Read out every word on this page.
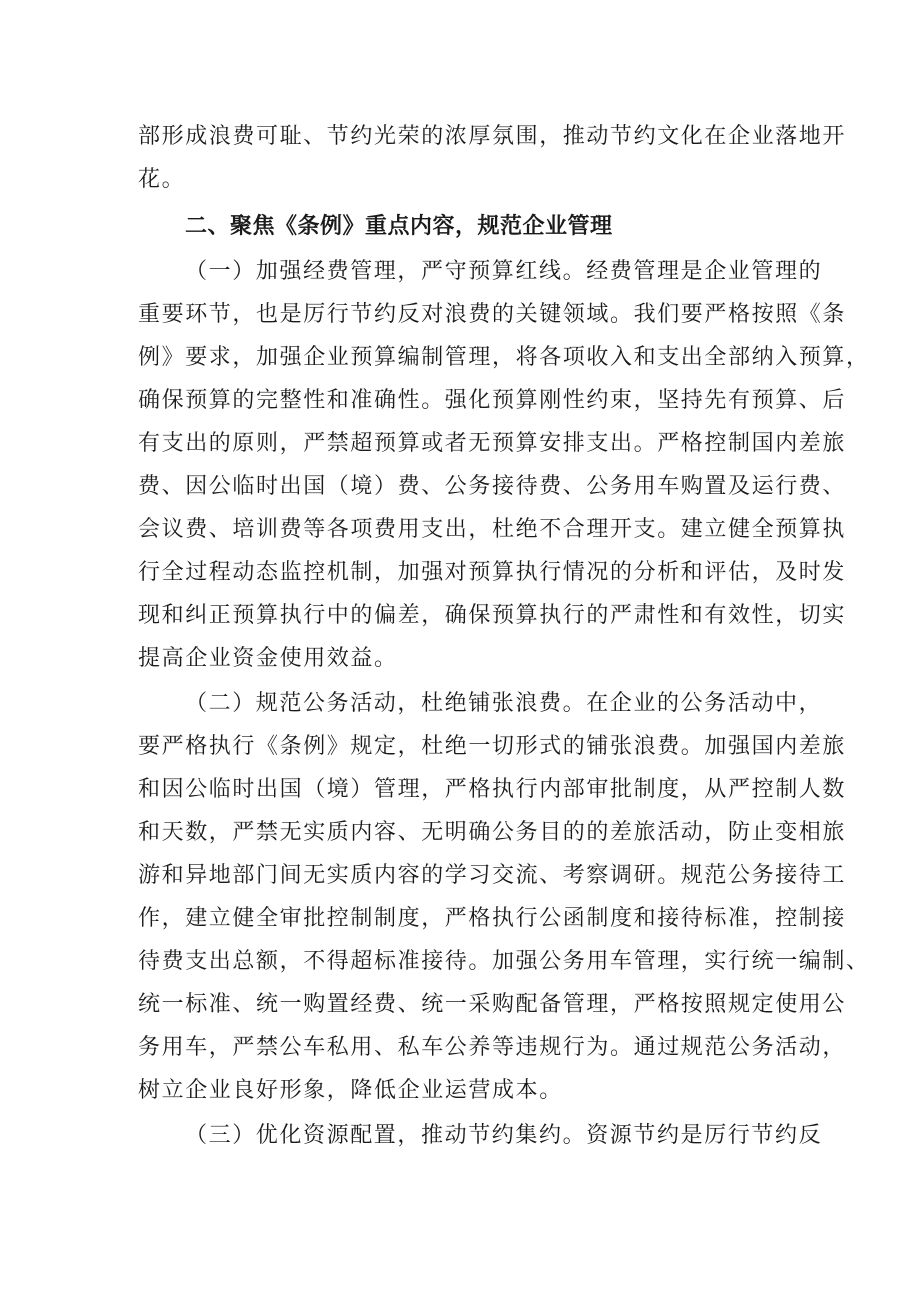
部形成浪费可耻、节约光荣的浓厚氛围，推动节约文化在企业落地开
花。
二、聚焦《条例》重点内容，规范企业管理
（一）加强经费管理，严守预算红线。经费管理是企业管理的
重要环节，也是厉行节约反对浪费的关键领域。我们要严格按照《条
例》要求，加强企业预算编制管理，将各项收入和支出全部纳入预算，
确保预算的完整性和准确性。强化预算刚性约束，坚持先有预算、后
有支出的原则，严禁超预算或者无预算安排支出。严格控制国内差旅
费、因公临时出国（境）费、公务接待费、公务用车购置及运行费、
会议费、培训费等各项费用支出，杜绝不合理开支。建立健全预算执
行全过程动态监控机制，加强对预算执行情况的分析和评估，及时发
现和纠正预算执行中的偏差，确保预算执行的严肃性和有效性，切实
提高企业资金使用效益。
（二）规范公务活动，杜绝铺张浪费。在企业的公务活动中，
要严格执行《条例》规定，杜绝一切形式的铺张浪费。加强国内差旅
和因公临时出国（境）管理，严格执行内部审批制度，从严控制人数
和天数，严禁无实质内容、无明确公务目的的差旅活动，防止变相旅
游和异地部门间无实质内容的学习交流、考察调研。规范公务接待工
作，建立健全审批控制制度，严格执行公函制度和接待标准，控制接
待费支出总额，不得超标准接待。加强公务用车管理，实行统一编制、
统一标准、统一购置经费、统一采购配备管理，严格按照规定使用公
务用车，严禁公车私用、私车公养等违规行为。通过规范公务活动，
树立企业良好形象，降低企业运营成本。
（三）优化资源配置，推动节约集约。资源节约是厉行节约反
